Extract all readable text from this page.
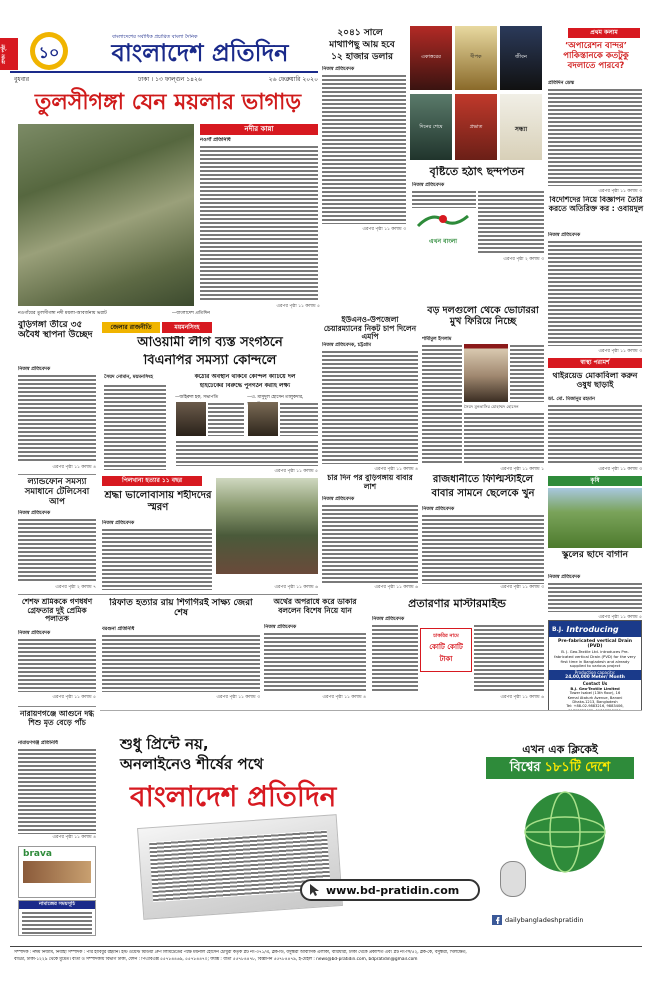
প্রথম পৃষ্ঠা	১০
বাংলাদেশের সর্বাধিক প্রচারিত বাংলা দৈনিক
বাংলাদেশ প্রতিদিন
বুধবার	ঢাকা । ১৩ ফাল্গুন ১৪২৬	২৬ ফেব্রুয়ারি ২০২০
তুলসীগঙ্গা যেন ময়লার ভাগাড়
নদীর কান্না
নওগাঁ প্রতিনিধি
এরপর পৃষ্ঠা ১১ কলাম ৫
নওগাঁয়ের তুলসীগঙ্গা নদী ময়লা-আবর্জনায় ভরাট	—বাংলাদেশ প্রতিদিন
২০৪১ সালে
মাথাপিছু আয় হবে
১২ হাজার ডলার
নিজস্ব প্রতিবেদক
এরপর পৃষ্ঠা ১১ কলাম ৩
একাত্তরের	দীপক	জীবন
দিনের শেষে	প্রভাত	সন্ধ্যা
প্রথম কলাম
‘অপারেশন বান্দর’ পাকিস্তানকে কতটুকু বদলাতে পারবে?
প্রতিদিন ডেস্ক
এরপর পৃষ্ঠা ১১ কলাম ৩
বৃষ্টিতে হঠাৎ ছন্দপতন
নিজস্ব প্রতিবেদক
এখন বাংলা
এরপর পৃষ্ঠা ২ কলাম ৩
বিদেশিদের নিয়ে বিজ্ঞাপন তৈরি করতে অতিরিক্ত কর : ওবায়দুল
নিজস্ব প্রতিবেদক
এরপর পৃষ্ঠা ১১ কলাম ৩
বুড়িগঙ্গা তীরে ৩৫ অবৈধ স্থাপনা উচ্ছেদ
নিজস্ব প্রতিবেদক
এরপর পৃষ্ঠা ১১ কলাম ৪
জেলার রাজনীতি	ময়মনসিংহ
আওয়ামী লীগ ব্যস্ত সংগঠনে
বিএনপির সমস্যা কোন্দলে
সৈয়দ নোমান, ময়মনসিংহ	কঠোর অবস্থান থাকবে কোন্দল কাটিয়ে দল
হাইটেকের বিরুদ্ধে পুনর্গঠন করাই লক্ষ্য
—জহিরুল হক, সভাপতি	—এ. মাসুদুল হোসেন তালুকদার,
এরপর পৃষ্ঠা ১১ কলাম ৫
ইউএনও-উপজেলা চেয়ারম্যানের নিকট চাপ দিলেন এমপি
নিজস্ব প্রতিবেদক, চট্টগ্রাম
এরপর পৃষ্ঠা ১১ কলাম ৪
বড় দলগুলো থেকে ভোটাররা মুখ ফিরিয়ে নিচ্ছে
শামীমুল ইসলাম
সৈয়দ মুনতাসির মোহাম্মদ হোসেন
এরপর পৃষ্ঠা ১১ কলাম ১
স্বাস্থ্য পরামর্শ
থাইরয়েড মোকাবিলা করুন ওষুধ ছাড়াই
ডা. মো. মিজানুর রহমান
এরপর পৃষ্ঠা ১১ কলাম ৩
ল্যান্ডফোন সমস্যা সমাধানে টেলিসেবা আপ
নিজস্ব প্রতিবেদক
এরপর পৃষ্ঠা ২ কলাম ৭
পিলখানা হত্যার ১১ বছর
শ্রদ্ধা ভালোবাসায় শহীদদের স্মরণ
নিজস্ব প্রতিবেদক
এরপর পৃষ্ঠা ১১ কলাম ৬
চার দিন পর বুড়িগঙ্গায় বাবার লাশ
নিজস্ব প্রতিবেদক
এরপর পৃষ্ঠা ১১ কলাম ৬
রাজধানীতে ফিল্মিস্টাইলে
বাবার সামনে ছেলেকে খুন
নিজস্ব প্রতিবেদক
এরপর পৃষ্ঠা ১১ কলাম ৩
কৃষি
স্কুলের ছাদে বাগান
নিজস্ব প্রতিবেদক
এরপর পৃষ্ঠা ১১ কলাম ৫
শেশফ শ্রমিককে গণধর্ষণ গ্রেফতার দুই প্রেমিক পলাতক
নিজস্ব প্রতিবেদক
এরপর পৃষ্ঠা ১১ কলাম ৫
রিফাত হত্যার রায় শিগগিরই সাক্ষ্য জেরা শেষ
বরগুনা প্রতিনিধি
এরপর পৃষ্ঠা ১১ কলাম ৩
অর্থের অপরাধে করে ডাকার বললেন বিশেষ নিয়ে যান
নিজস্ব প্রতিবেদক
এরপর পৃষ্ঠা ১১ কলাম ৪
প্রতারণার মাস্টারমাইন্ড
নিজস্ব প্রতিবেদক
চাকরির নামে
কোটি কোটি
টাকা
এরপর পৃষ্ঠা ১১ কলাম ৬
B.J. Introducing
Pre-fabricated vertical Drain (PVD)
B. J. Geo-Textile Ltd. introduces Pre-fabricated vertical Drain (PVD) for the very first time in Bangladesh and already supplied to various project
Production capacity:
24,00,000 Meter/ Month
Contact Us
B.J. Geo-Textile Limited
Tower Isabel (13th floor), 16
Kemal Ataturk Avenue, Banani
Dhaka-1213, Bangladesh
Tel: +88-02-9883216, 9883406,
নারায়ণগঞ্জে আগুনে দগ্ধ শিশু মৃত বেড়ে পাঁচ
নারায়ণগঞ্জ প্রতিনিধি
এরপর পৃষ্ঠা ১১ কলাম ৪
brava
নামাজের সময়সূচি
শুধু প্রিন্টে নয়,
অনলাইনেও শীর্ষের পথে
বাংলাদেশ প্রতিদিন
www.bd-pratidin.com
এখন এক ক্লিকেই
বিশ্বের ১৮১টি দেশে
dailybangladeshpratidin
সম্পাদক : নঈম নিজাম, নির্বাহী সম্পাদক : পীর হাবিবুর রহমান। ইস্ট ওয়েস্ট মিডিয়া গ্রুপ লিমিটেডের পক্ষে ময়নাল হোসেন চৌধুরী কর্তৃক প্লট নং-৩৭১/এ, ব্লক-ডি, বসুন্ধরা আবাসিক এলাকা, বারিধারা, ঢাকা থেকে প্রকাশিত এবং প্লট নং-সি/৫২, ব্লক-কে, বসুন্ধরা, খিলক্ষেত,
বাড্ডা, ঢাকা-১২২৯ থেকে মুদ্রিত। বার্তা ও সম্পাদকীয় বিভাগ ঢাকা, ফোন : পিএবিএক্স ৫৫৭৮৪৪৬৯, ৫৫৭৮৪৪৭০; ফ্যাক্স : বার্তা ৫৫৭৮৪৪৭৮, বিজ্ঞাপন ৫৫৭৮৪৪৭৯, ই-মেইল : news@bd-pratidin.com, bdpratidin@gmail.com
